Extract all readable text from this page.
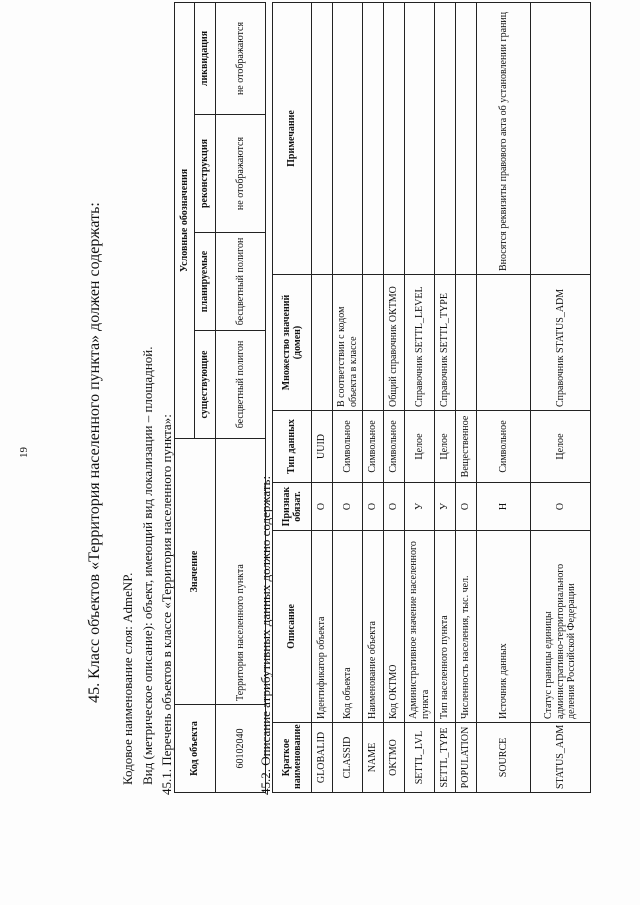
19	45. Класс объектов «Территория населенного пункта» должен содержать: Кодовое наименование слоя: AdmeNP. Вид (метрическое описание): объект, имеющий вид локализации – площадной. 45.1. Перечень объектов в классе «Территория населенного пункта»: Код объекта	Значение	Условные обозначения			
		существующие	планируемые	реконструкция	ликвидация
60102040	Территория населенного пункта	бесцветный полигон	бесцветный полигон	не отображаются	не отображаются
45.2. Описание атрибутивных данных должно содержать: Краткое наименование	Описание	Признак обязат.	Тип данных	Множество значений (домен)	Примечание
GLOBALID	Идентификатор объекта	О	UUID		
CLASSID	Код объекта	О	Символьное	В соответствии с кодом объекта в классе	
NAME	Наименование объекта	О	Символьное		
OKTMO	Код ОКТМО	О	Символьное	Общий справочник ОКТМО	
SETTL_LVL	Административное значение населенного пункта	У	Целое	Справочник SETTL_LEVEL	
SETTL_TYPE	Тип населенного пункта	У	Целое	Справочник SETTL_TYPE	
POPULATION	Численность населения, тыс. чел.	О	Вещественное		
SOURCE	Источник данных	Н	Символьное		Вносятся реквизиты правового акта об установлении границ
STATUS_ADM	Статус границы единицы административно-территориального деления Российской Федерации	О	Целое	Справочник STATUS_ADM	
